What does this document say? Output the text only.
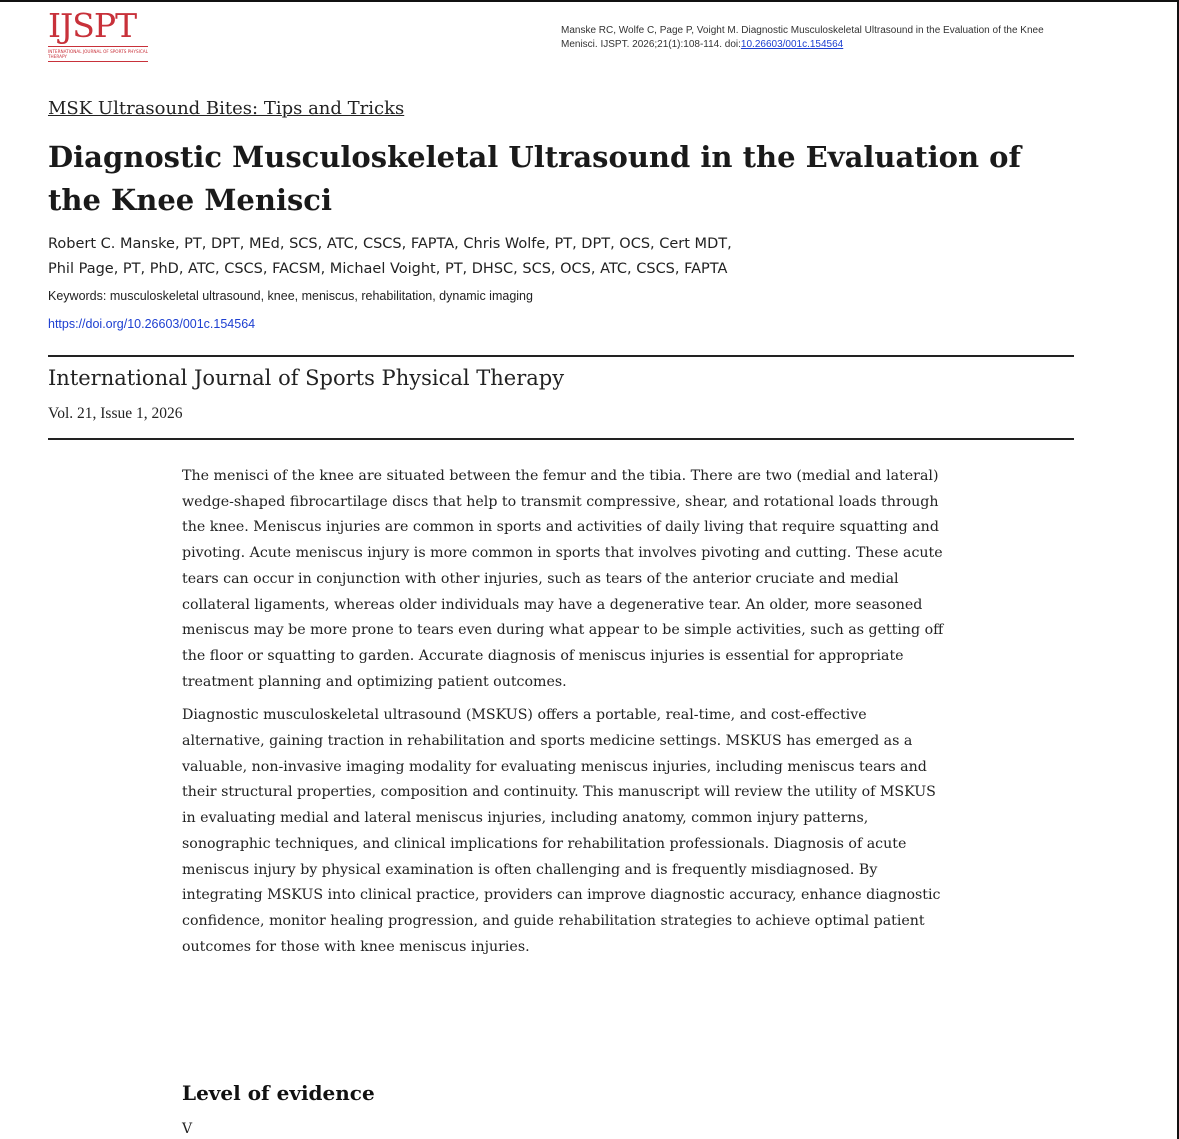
IJSPT
INTERNATIONAL JOURNAL OF SPORTS PHYSICAL THERAPY
Manske RC, Wolfe C, Page P, Voight M. Diagnostic Musculoskeletal Ultrasound in the Evaluation of the Knee Menisci. IJSPT. 2026;21(1):108-114. doi:10.26603/001c.154564
MSK Ultrasound Bites: Tips and Tricks
Diagnostic Musculoskeletal Ultrasound in the Evaluation of the Knee Menisci
Robert C. Manske, PT, DPT, MEd, SCS, ATC, CSCS, FAPTA, Chris Wolfe, PT, DPT, OCS, Cert MDT,
Phil Page, PT, PhD, ATC, CSCS, FACSM, Michael Voight, PT, DHSC, SCS, OCS, ATC, CSCS, FAPTA
Keywords: musculoskeletal ultrasound, knee, meniscus, rehabilitation, dynamic imaging
https://doi.org/10.26603/001c.154564
International Journal of Sports Physical Therapy
Vol. 21, Issue 1, 2026

The menisci of the knee are situated between the femur and the tibia. There are two (medial and lateral) wedge-shaped fibrocartilage discs that help to transmit compressive, shear, and rotational loads through the knee. Meniscus injuries are common in sports and activities of daily living that require squatting and pivoting. Acute meniscus injury is more common in sports that involves pivoting and cutting. These acute tears can occur in conjunction with other injuries, such as tears of the anterior cruciate and medial collateral ligaments, whereas older individuals may have a degenerative tear. An older, more seasoned meniscus may be more prone to tears even during what appear to be simple activities, such as getting off the floor or squatting to garden. Accurate diagnosis of meniscus injuries is essential for appropriate treatment planning and optimizing patient outcomes.

Diagnostic musculoskeletal ultrasound (MSKUS) offers a portable, real-time, and cost-effective alternative, gaining traction in rehabilitation and sports medicine settings. MSKUS has emerged as a valuable, non-invasive imaging modality for evaluating meniscus injuries, including meniscus tears and their structural properties, composition and continuity. This manuscript will review the utility of MSKUS in evaluating medial and lateral meniscus injuries, including anatomy, common injury patterns, sonographic techniques, and clinical implications for rehabilitation professionals. Diagnosis of acute meniscus injury by physical examination is often challenging and is frequently misdiagnosed. By integrating MSKUS into clinical practice, providers can improve diagnostic accuracy, enhance diagnostic confidence, monitor healing progression, and guide rehabilitation strategies to achieve optimal patient outcomes for those with knee meniscus injuries.

Level of evidence
V
